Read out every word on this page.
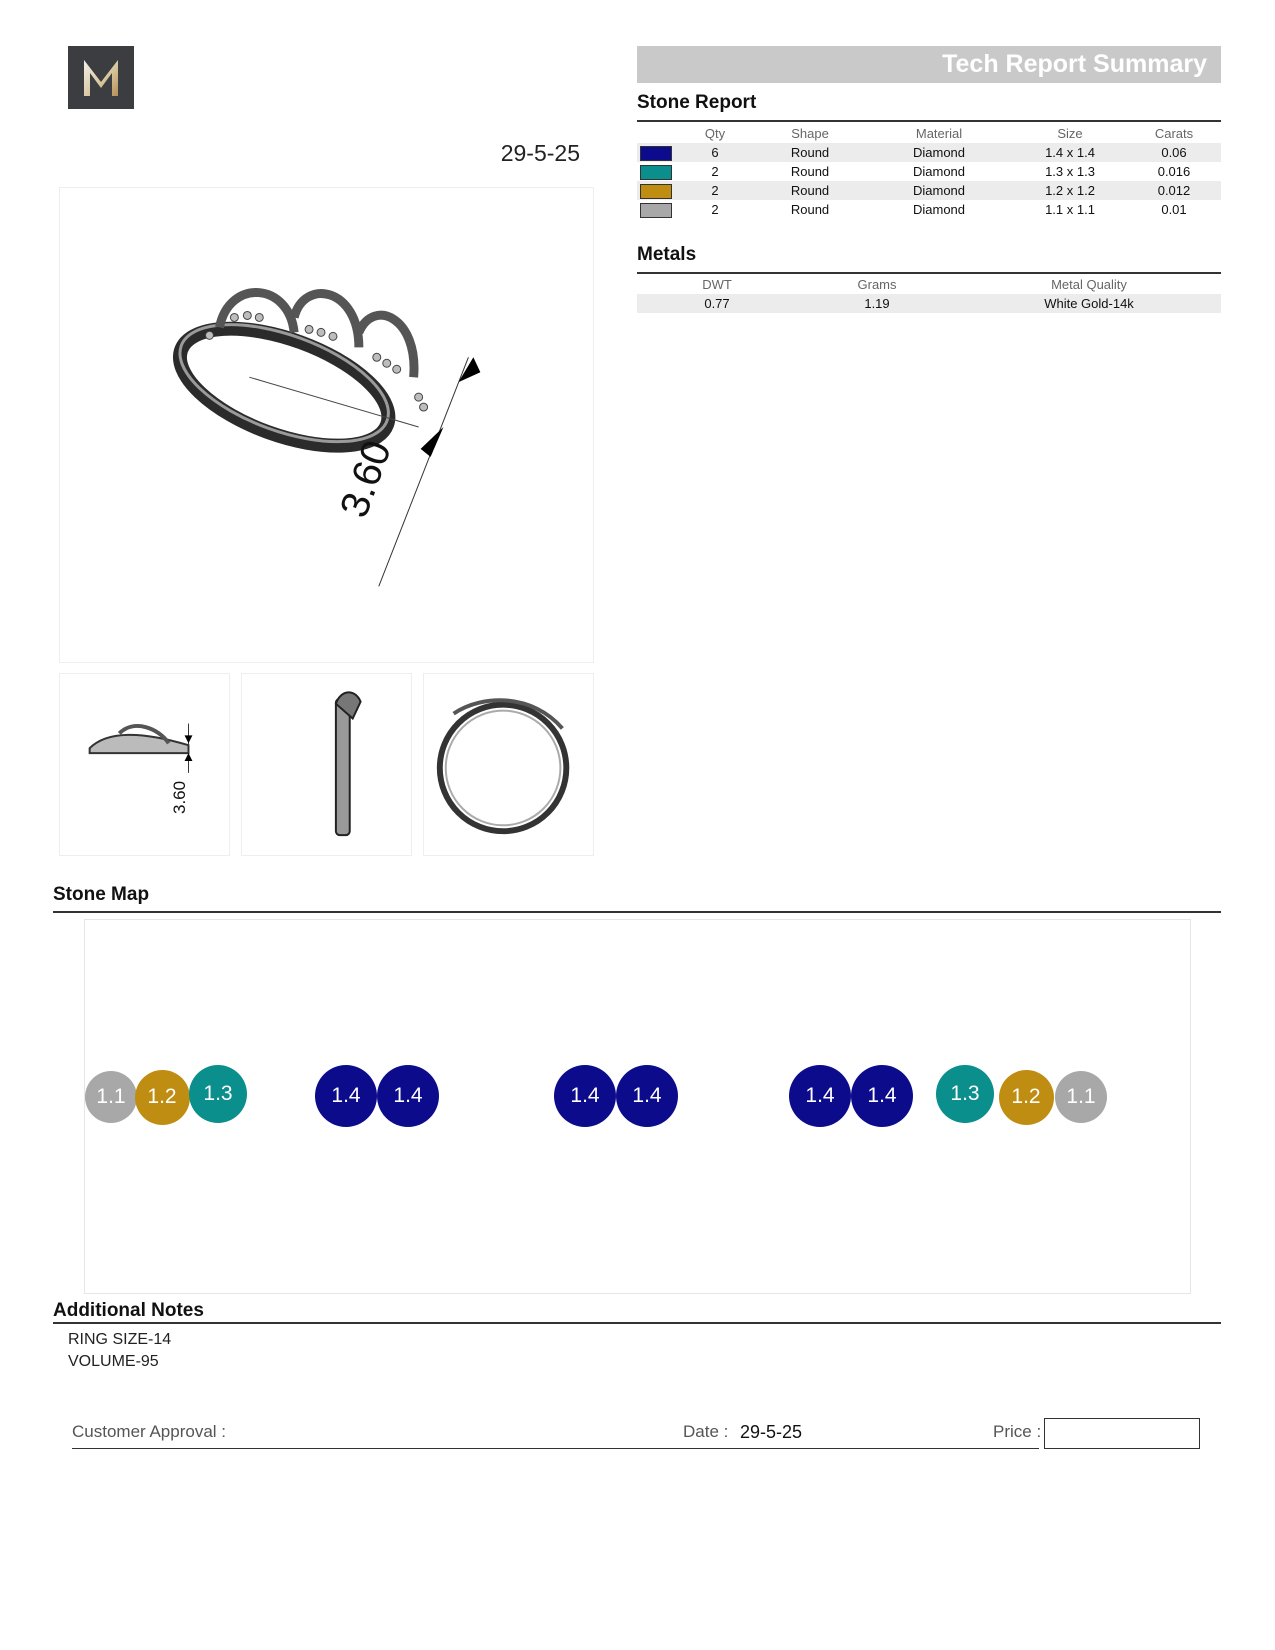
29-5-25
3.60
3.60
Tech Report Summary
Stone Report
	Qty	Shape	Material	Size	Carats
	6	Round	Diamond	1.4 x 1.4	0.06
	2	Round	Diamond	1.3 x 1.3	0.016
	2	Round	Diamond	1.2 x 1.2	0.012
	2	Round	Diamond	1.1 x 1.1	0.01
Metals
DWT	Grams	Metal Quality
0.77	1.19	White Gold-14k
Stone Map
1.1	1.2	1.3	1.4	1.4	1.4	1.4	1.4	1.4	1.3	1.2	1.1
Additional Notes
RING SIZE-14
VOLUME-95
Customer Approval :	Date : 29-5-25	Price :
